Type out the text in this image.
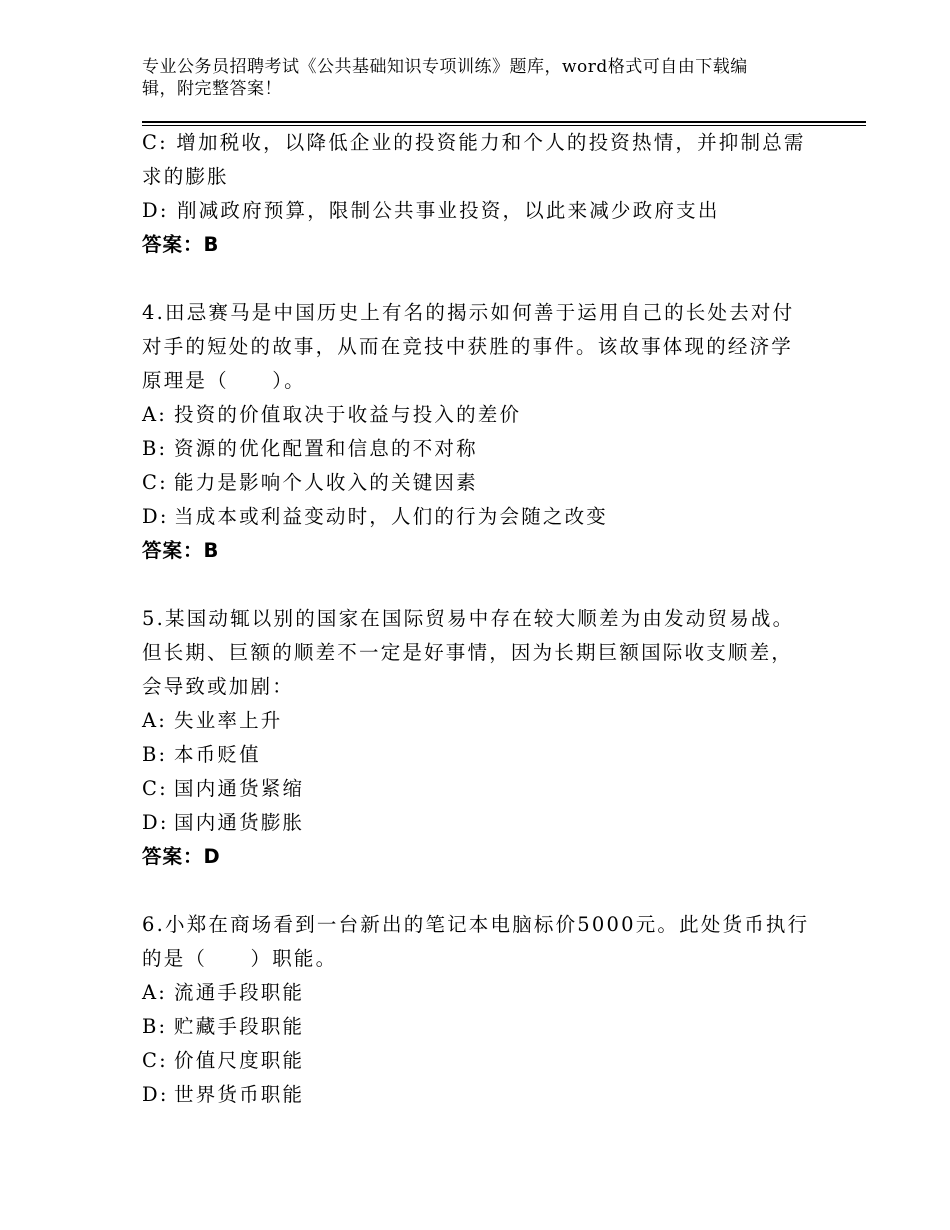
专业公务员招聘考试《公共基础知识专项训练》题库，word格式可自由下载编
辑，附完整答案！
C: 增加税收，以降低企业的投资能力和个人的投资热情，并抑制总需
求的膨胀
D: 削减政府预算，限制公共事业投资，以此来减少政府支出
答案：B
4.田忌赛马是中国历史上有名的揭示如何善于运用自己的长处去对付
对手的短处的故事，从而在竞技中获胜的事件。该故事体现的经济学
原理是（　　）。
A: 投资的价值取决于收益与投入的差价
B: 资源的优化配置和信息的不对称
C: 能力是影响个人收入的关键因素
D: 当成本或利益变动时，人们的行为会随之改变
答案：B
5.某国动辄以别的国家在国际贸易中存在较大顺差为由发动贸易战。
但长期、巨额的顺差不一定是好事情，因为长期巨额国际收支顺差，
会导致或加剧：
A: 失业率上升
B: 本币贬值
C: 国内通货紧缩
D: 国内通货膨胀
答案：D
6.小郑在商场看到一台新出的笔记本电脑标价5000元。此处货币执行
的是（　　）职能。
A: 流通手段职能
B: 贮藏手段职能
C: 价值尺度职能
D: 世界货币职能
